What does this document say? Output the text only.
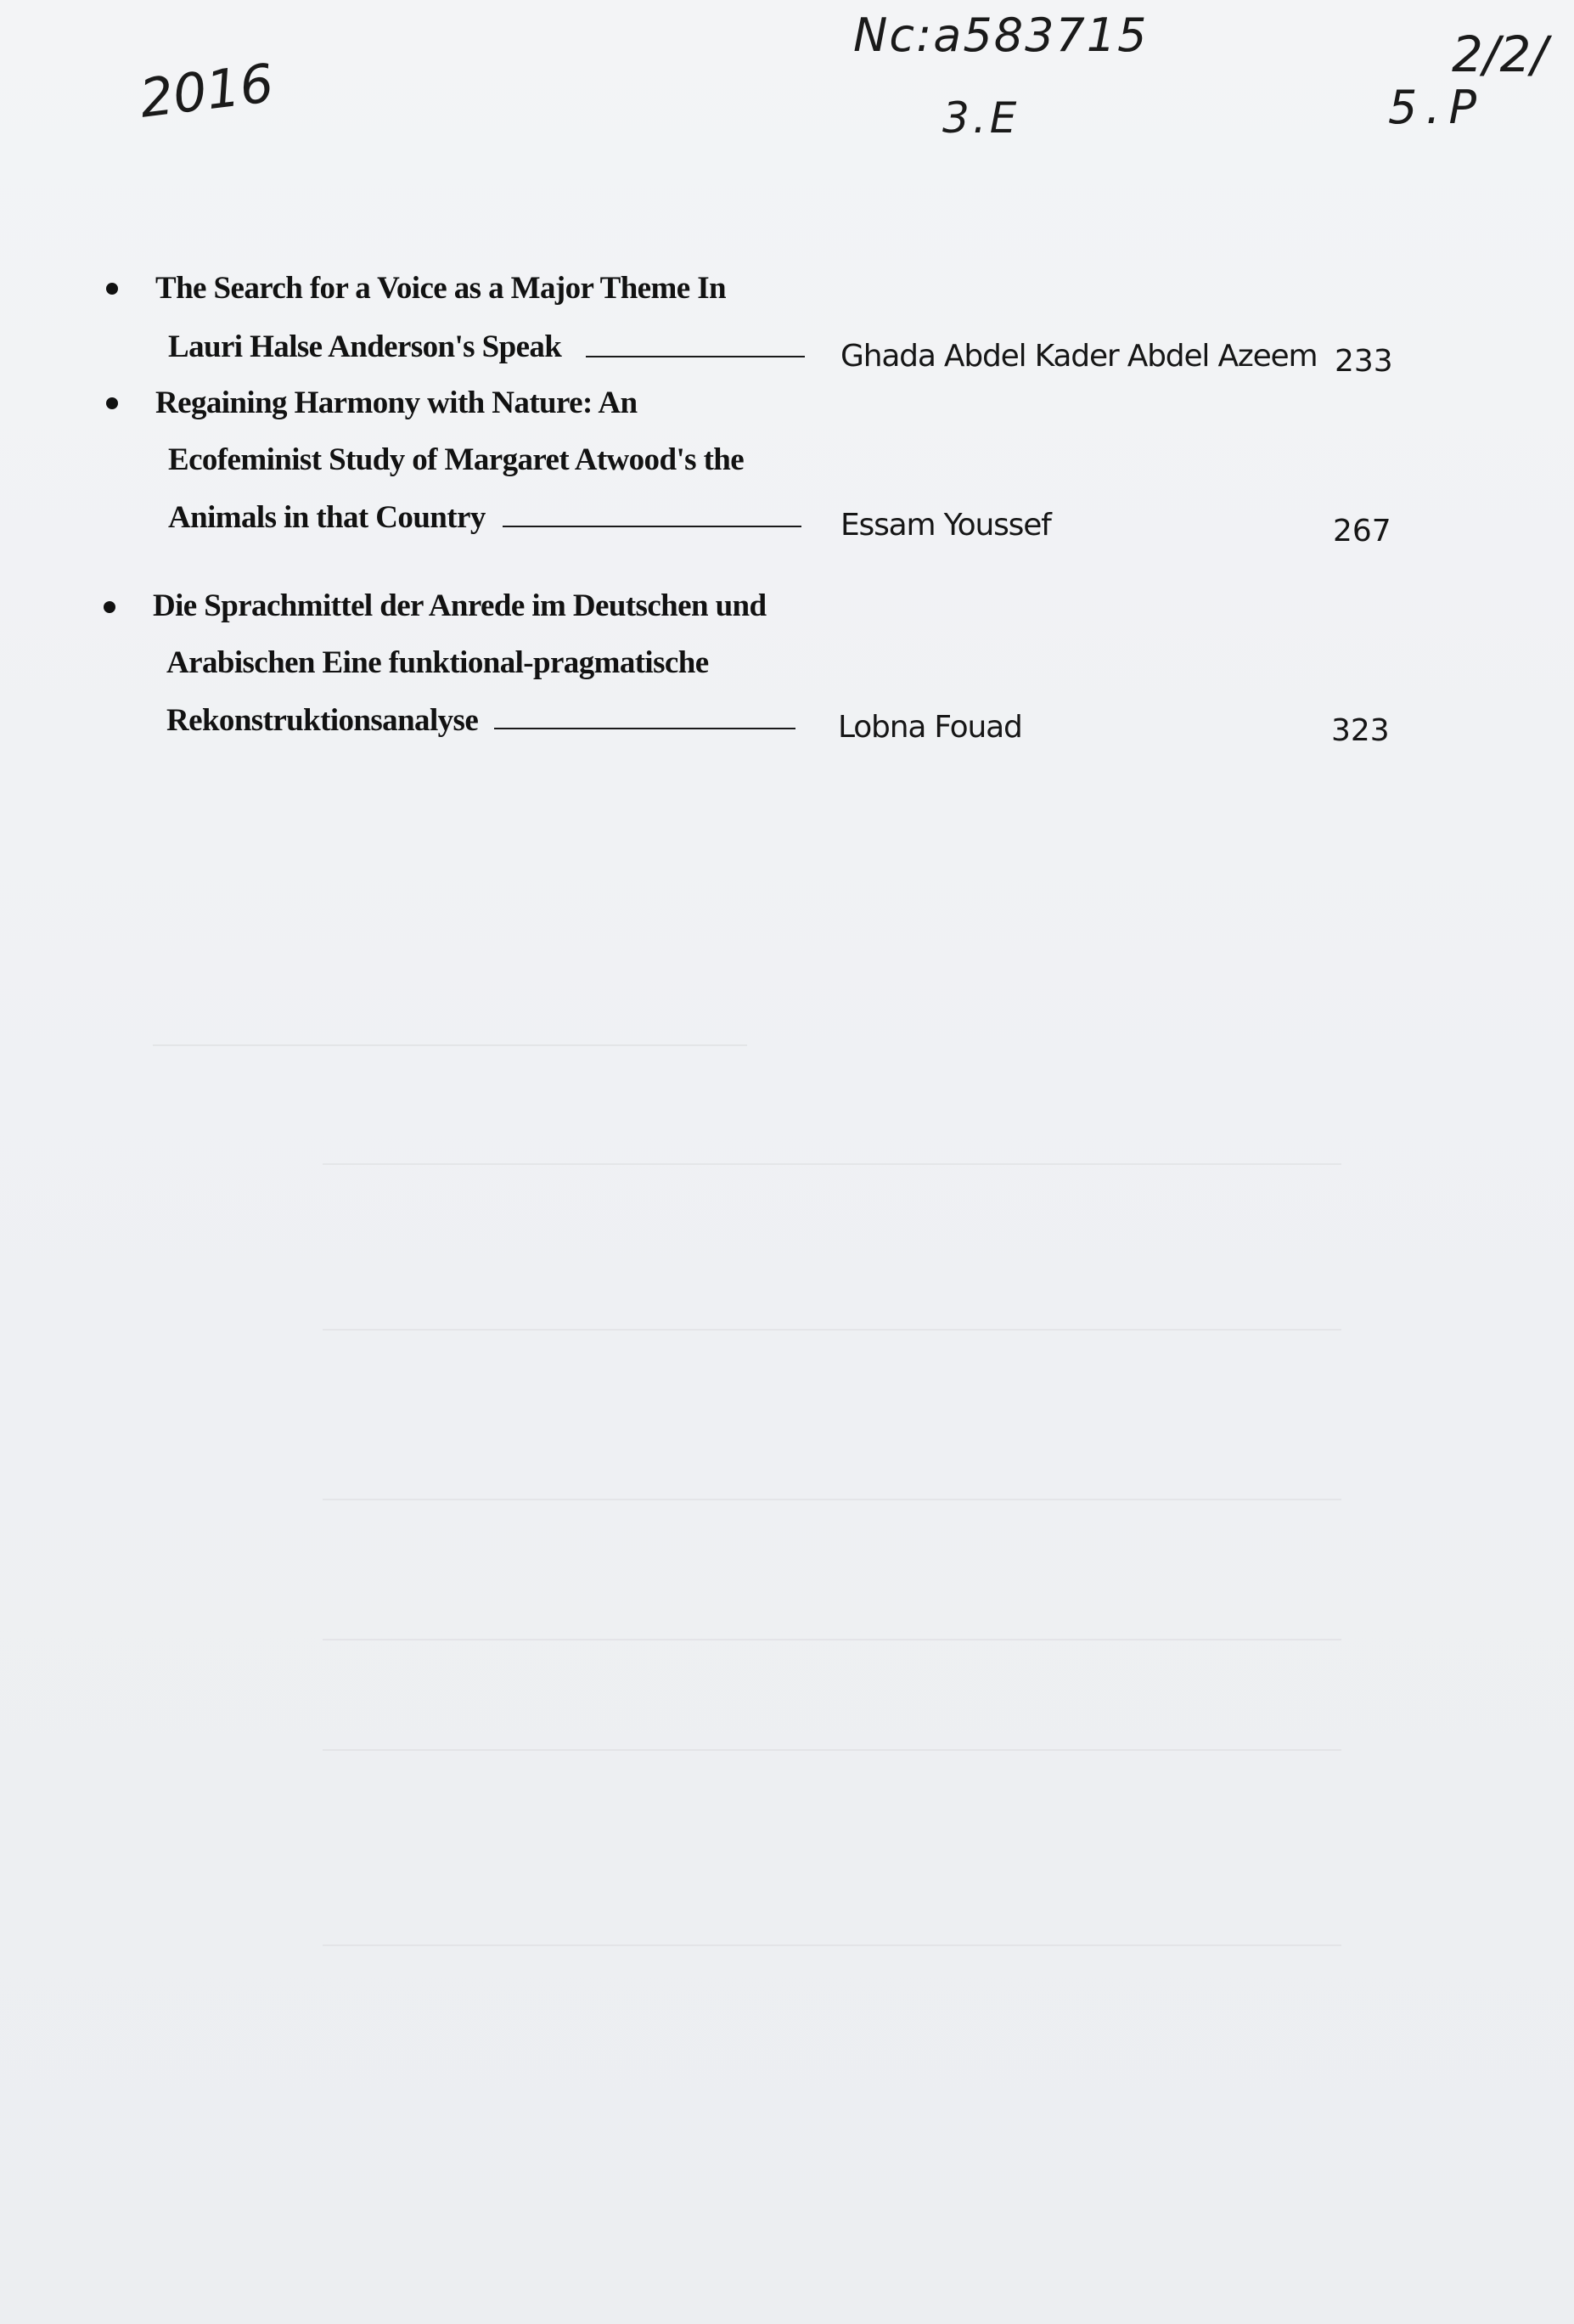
2016
Nc:a583715
3.E
2/2/
5.P
The Search for a Voice as a Major Theme In
Lauri Halse Anderson's Speak	Ghada Abdel Kader Abdel Azeem 233
Regaining Harmony with Nature: An
Ecofeminist Study of Margaret Atwood's the
Animals in that Country	Essam Youssef	267
Die Sprachmittel der Anrede im Deutschen und
Arabischen Eine funktional-pragmatische
Rekonstruktionsanalyse	Lobna Fouad	323
